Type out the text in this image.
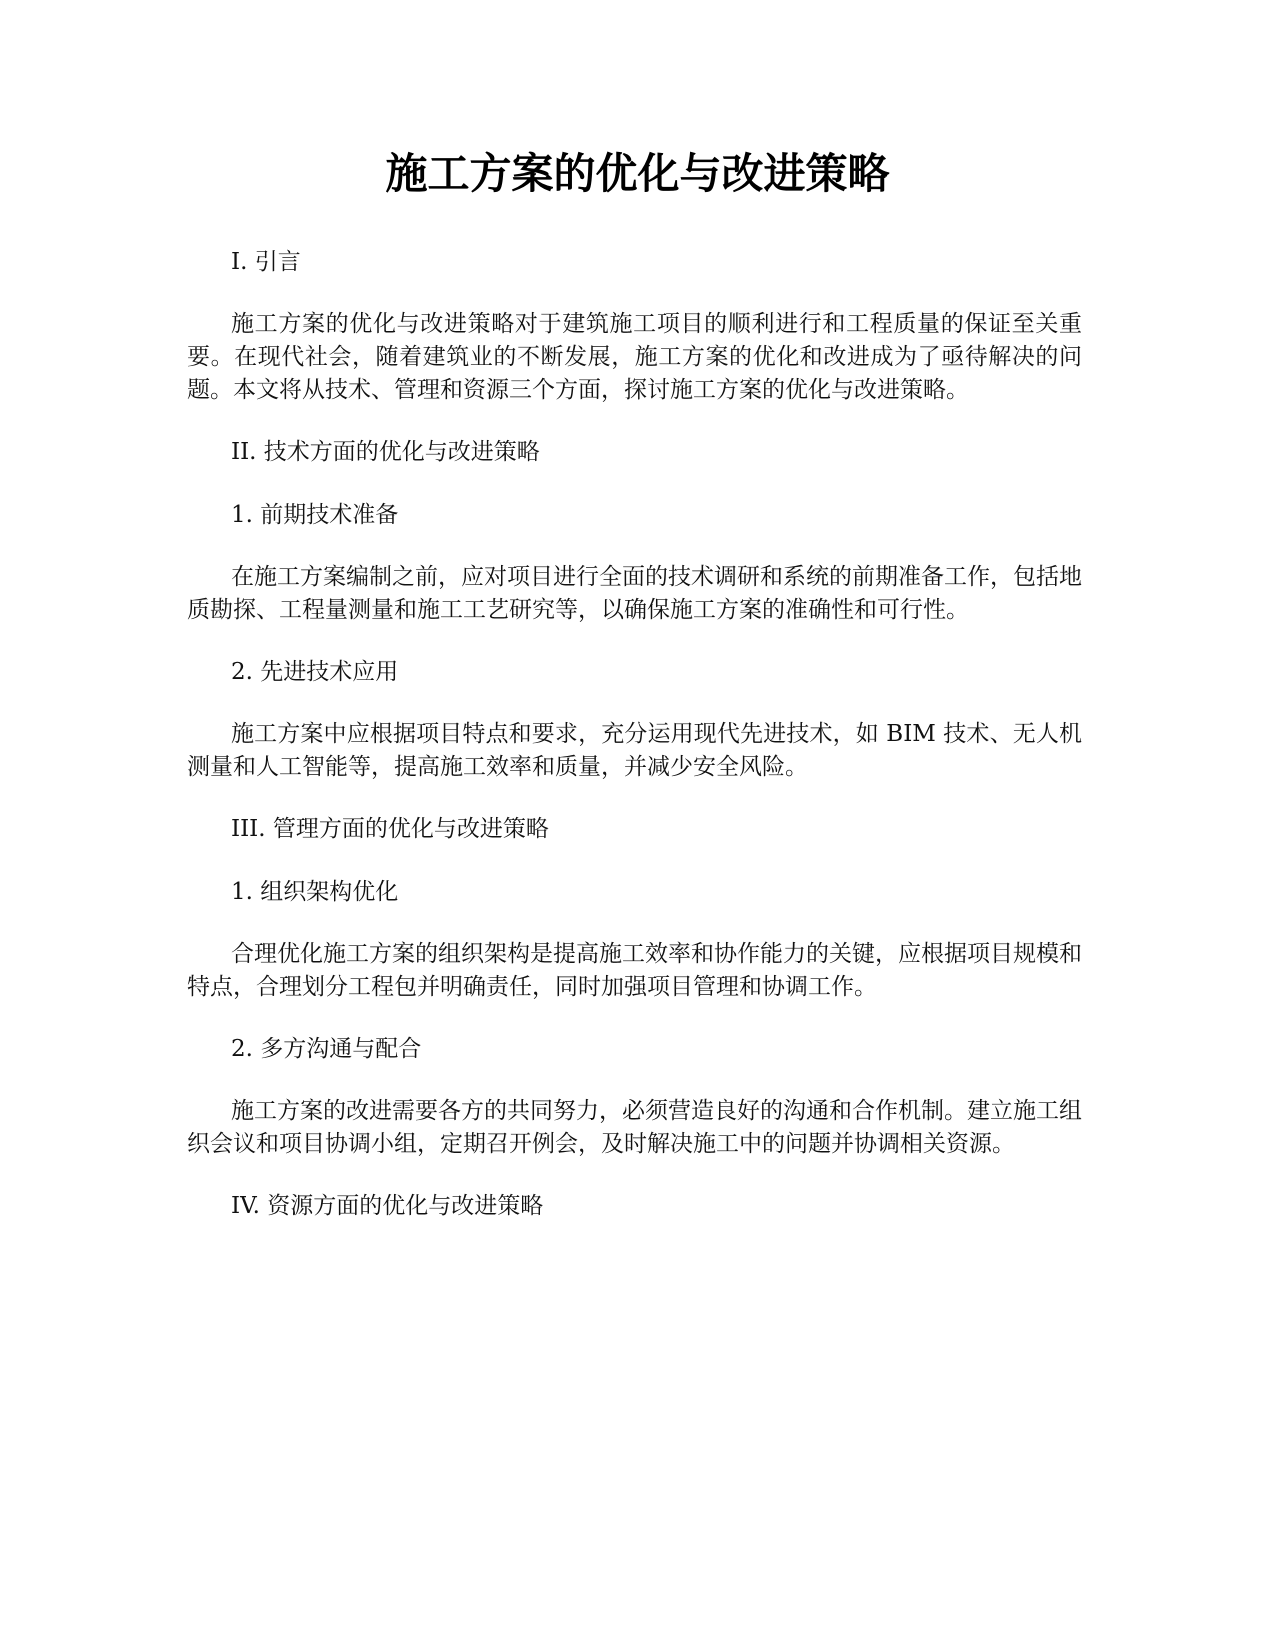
施工方案的优化与改进策略

I. 引言

施工方案的优化与改进策略对于建筑施工项目的顺利进行和工程质量的保证至关重要。在现代社会，随着建筑业的不断发展，施工方案的优化和改进成为了亟待解决的问题。本文将从技术、管理和资源三个方面，探讨施工方案的优化与改进策略。

II. 技术方面的优化与改进策略

1. 前期技术准备

在施工方案编制之前，应对项目进行全面的技术调研和系统的前期准备工作，包括地质勘探、工程量测量和施工工艺研究等，以确保施工方案的准确性和可行性。

2. 先进技术应用

施工方案中应根据项目特点和要求，充分运用现代先进技术，如 BIM 技术、无人机测量和人工智能等，提高施工效率和质量，并减少安全风险。

III. 管理方面的优化与改进策略

1. 组织架构优化

合理优化施工方案的组织架构是提高施工效率和协作能力的关键，应根据项目规模和特点，合理划分工程包并明确责任，同时加强项目管理和协调工作。

2. 多方沟通与配合

施工方案的改进需要各方的共同努力，必须营造良好的沟通和合作机制。建立施工组织会议和项目协调小组，定期召开例会，及时解决施工中的问题并协调相关资源。

IV. 资源方面的优化与改进策略
